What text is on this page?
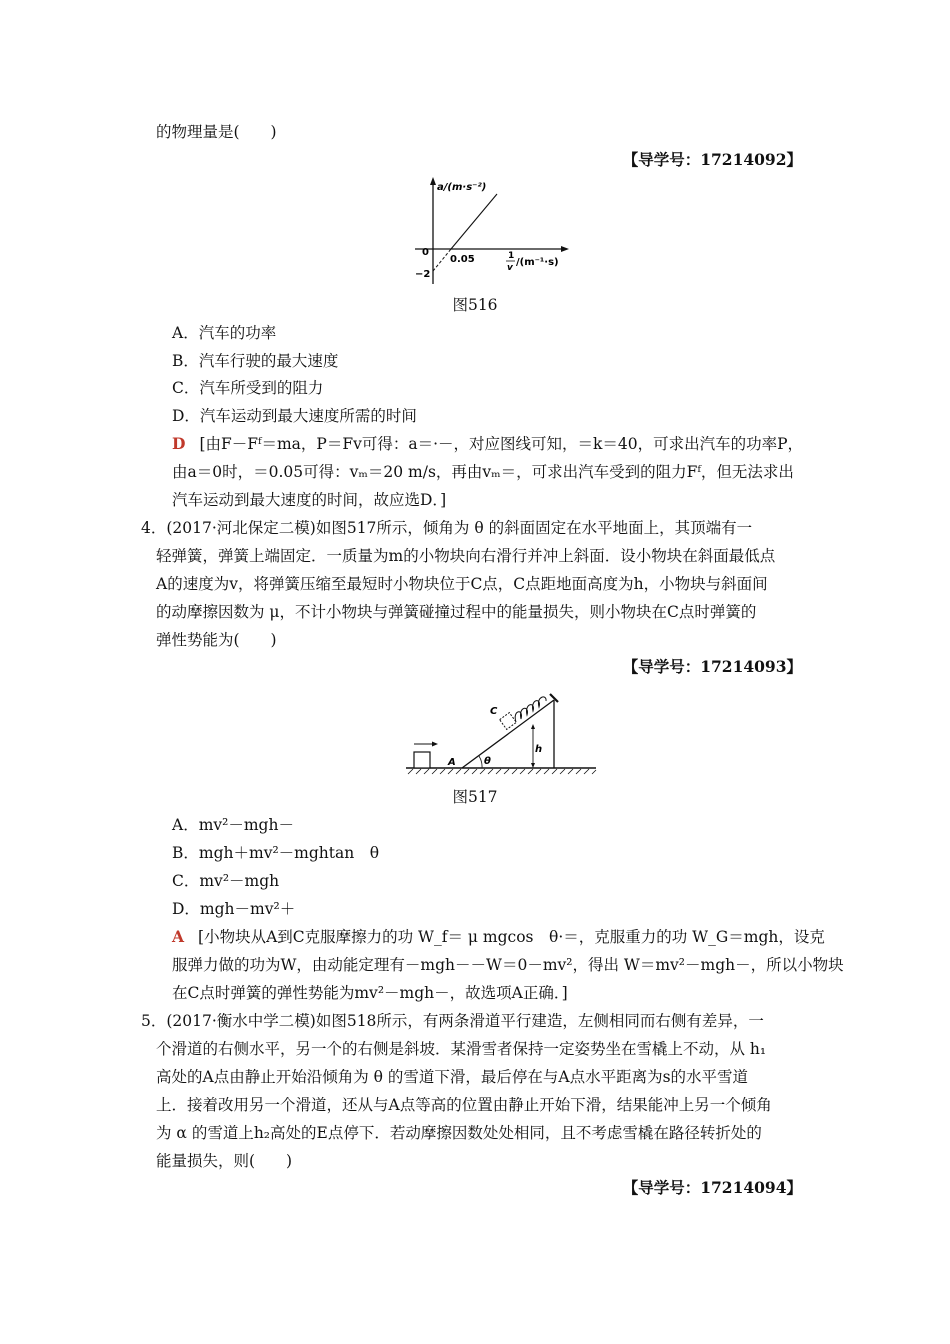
的物理量是(　　)
【导学号：17214092】
a/(m·s⁻²)
0
0.05
−2
1
v /(m⁻¹·s)
图516
A．汽车的功率
B．汽车行驶的最大速度
C．汽车所受到的阻力
D．汽车运动到最大速度所需的时间
D [由F－Fᶠ＝ma，P＝Fv可得：a＝·－，对应图线可知，＝k＝40，可求出汽车的功率P，
由a＝0时，＝0.05可得：vₘ＝20 m/s，再由vₘ＝，可求出汽车受到的阻力Fᶠ，但无法求出
汽车运动到最大速度的时间，故应选D．]
4．(2017·河北保定二模)如图517所示，倾角为 θ 的斜面固定在水平地面上，其顶端有一
轻弹簧，弹簧上端固定．一质量为m的小物块向右滑行并冲上斜面．设小物块在斜面最低点
A的速度为v，将弹簧压缩至最短时小物块位于C点，C点距地面高度为h，小物块与斜面间
的动摩擦因数为 μ，不计小物块与弹簧碰撞过程中的能量损失，则小物块在C点时弹簧的
弹性势能为(　　)
【导学号：17214093】
C
A	θ
h
图517
A．mv²－mgh－
B．mgh＋mv²－mghtan　θ
C．mv²－mgh
D．mgh－mv²＋
A [小物块从A到C克服摩擦力的功 W_f＝ μ mgcos　θ·＝，克服重力的功 W_G＝mgh，设克
服弹力做的功为W，由动能定理有－mgh－－W＝0－mv²，得出 W＝mv²－mgh－，所以小物块
在C点时弹簧的弹性势能为mv²－mgh－，故选项A正确．]
5．(2017·衡水中学二模)如图518所示，有两条滑道平行建造，左侧相同而右侧有差异，一
个滑道的右侧水平，另一个的右侧是斜坡．某滑雪者保持一定姿势坐在雪橇上不动，从 h₁
高处的A点由静止开始沿倾角为 θ 的雪道下滑，最后停在与A点水平距离为s的水平雪道
上．接着改用另一个滑道，还从与A点等高的位置由静止开始下滑，结果能冲上另一个倾角
为 α 的雪道上h₂高处的E点停下．若动摩擦因数处处相同，且不考虑雪橇在路径转折处的
能量损失，则(　　)
【导学号：17214094】
